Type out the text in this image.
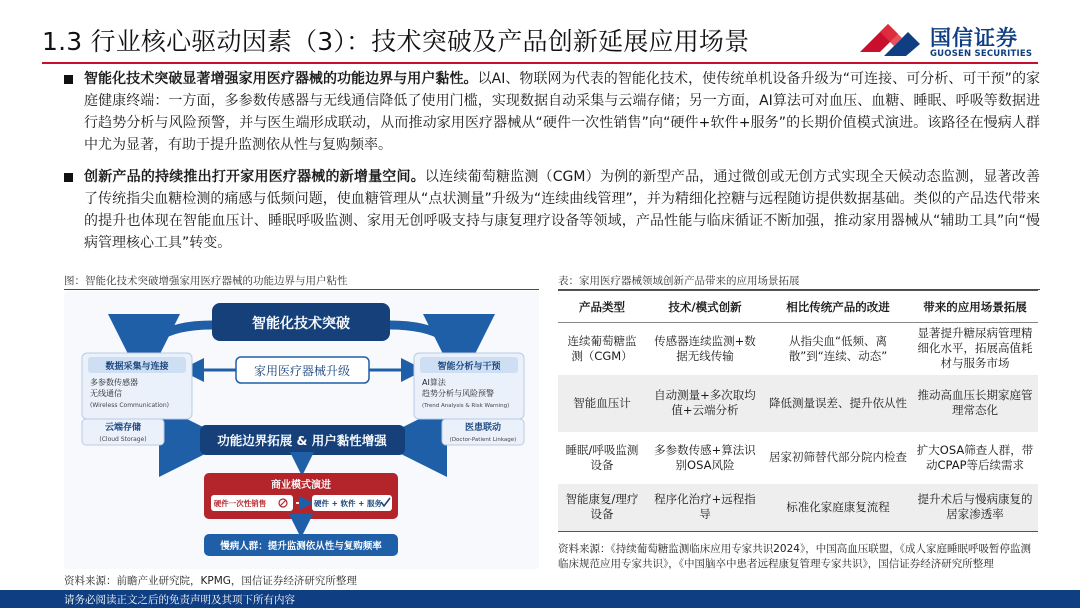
1.3 行业核心驱动因素（3）：技术突破及产品创新延展应用场景	国信证券
GUOSEN SECURITIES
智能化技术突破显著增强家用医疗器械的功能边界与用户黏性。以AI、物联网为代表的智能化技术，使传统单机设备升级为“可连接、可分析、可干预”的家庭健康终端：一方面，多参数传感器与无线通信降低了使用门槛，实现数据自动采集与云端存储；另一方面，AI算法可对血压、血糖、睡眠、呼吸等数据进行趋势分析与风险预警，并与医生端形成联动，从而推动家用医疗器械从“硬件一次性销售”向“硬件+软件+服务”的长期价值模式演进。该路径在慢病人群中尤为显著，有助于提升监测依从性与复购频率。
创新产品的持续推出打开家用医疗器械的新增量空间。以连续葡萄糖监测（CGM）为例的新型产品，通过微创或无创方式实现全天候动态监测，显著改善了传统指尖血糖检测的痛感与低频问题，使血糖管理从“点状测量”升级为“连续曲线管理”，并为精细化控糖与远程随访提供数据基础。类似的产品迭代带来的提升也体现在智能血压计、睡眠呼吸监测、家用无创呼吸支持与康复理疗设备等领域，产品性能与临床循证不断加强，推动家用器械从“辅助工具”向“慢病管理核心工具”转变。
图：智能化技术突破增强家用医疗器械的功能边界与用户粘性
智能化技术突破
家用医疗器械升级
数据采集与连接
多参数传感器
无线通信
(Wireless Communication)
云端存储
(Cloud Storage)
智能分析与干预
AI算法
趋势分析与风险预警
(Trend Analysis & Risk Warning)
医患联动
(Doctor-Patient Linkage)
功能边界拓展 & 用户黏性增强
商业模式演进
硬件一次性销售	硬件 + 软件 + 服务
慢病人群：提升监测依从性与复购频率
资料来源：前瞻产业研究院，KPMG，国信证券经济研究所整理
表：家用医疗器械领域创新产品带来的应用场景拓展
产品类型	技术/模式创新	相比传统产品的改进	带来的应用场景拓展
连续葡萄糖监测（CGM）	传感器连续监测+数据无线传输	从指尖血“低频、离散”到“连续、动态”	显著提升糖尿病管理精细化水平，拓展高值耗材与服务市场
智能血压计	自动测量+多次取均值+云端分析	降低测量误差、提升依从性	推动高血压长期家庭管理常态化
睡眠/呼吸监测设备	多参数传感+算法识别OSA风险	居家初筛替代部分院内检查	扩大OSA筛查人群，带动CPAP等后续需求
智能康复/理疗设备	程序化治疗+远程指导	标准化家庭康复流程	提升术后与慢病康复的居家渗透率
资料来源：《持续葡萄糖监测临床应用专家共识2024》，中国高血压联盟，《成人家庭睡眠呼吸暂停监测临床规范应用专家共识》，《中国脑卒中患者远程康复管理专家共识》，国信证券经济研究所整理
请务必阅读正文之后的免责声明及其项下所有内容
